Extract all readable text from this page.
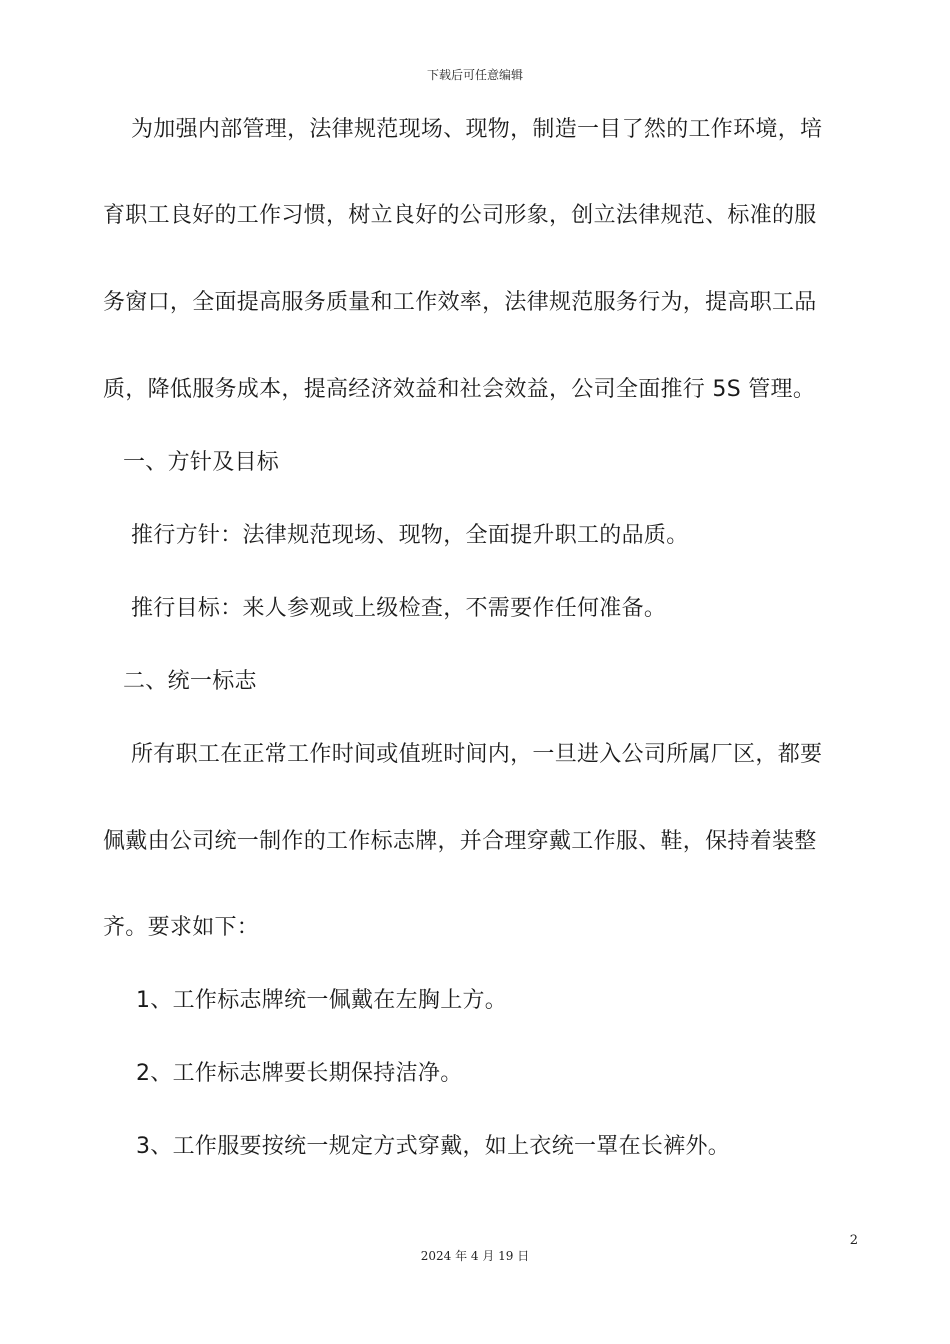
下载后可任意编辑
为加强内部管理，法律规范现场、现物，制造一目了然的工作环境，培
育职工良好的工作习惯，树立良好的公司形象，创立法律规范、标准的服
务窗口，全面提高服务质量和工作效率，法律规范服务行为，提高职工品
质，降低服务成本，提高经济效益和社会效益，公司全面推行 5S 管理。
一、方针及目标
推行方针：法律规范现场、现物，全面提升职工的品质。
推行目标：来人参观或上级检查，不需要作任何准备。
二、统一标志
所有职工在正常工作时间或值班时间内，一旦进入公司所属厂区，都要
佩戴由公司统一制作的工作标志牌，并合理穿戴工作服、鞋，保持着装整
齐。要求如下：
1、工作标志牌统一佩戴在左胸上方。
2、工作标志牌要长期保持洁净。
3、工作服要按统一规定方式穿戴，如上衣统一罩在长裤外。
2
2024 年 4 月 19 日
